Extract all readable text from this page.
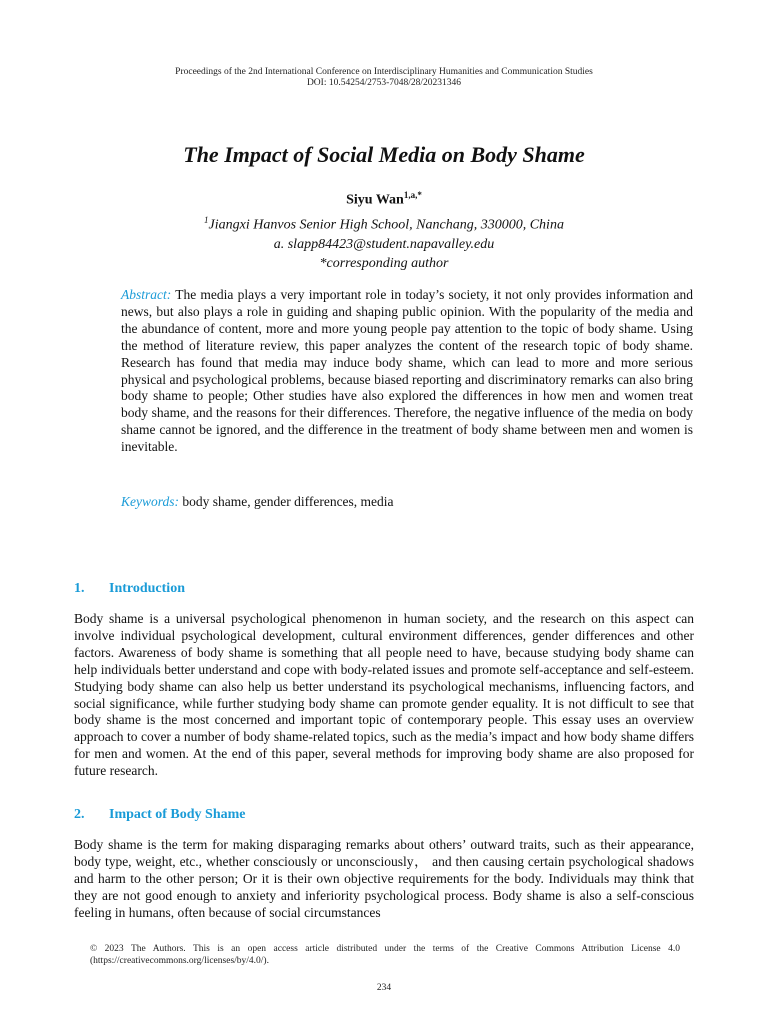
Proceedings of the 2nd International Conference on Interdisciplinary Humanities and Communication Studies
DOI: 10.54254/2753-7048/28/20231346
The Impact of Social Media on Body Shame
Siyu Wan$^{1,a,*}$
$^1$Jiangxi Hanvos Senior High School, Nanchang, 330000, China
a. slapp84423@student.napavalley.edu
*corresponding author
Abstract: The media plays a very important role in today’s society, it not only provides information and news, but also plays a role in guiding and shaping public opinion. With the popularity of the media and the abundance of content, more and more young people pay attention to the topic of body shame. Using the method of literature review, this paper analyzes the content of the research topic of body shame. Research has found that media may induce body shame, which can lead to more and more serious physical and psychological problems, because biased reporting and discriminatory remarks can also bring body shame to people; Other studies have also explored the differences in how men and women treat body shame, and the reasons for their differences. Therefore, the negative influence of the media on body shame cannot be ignored, and the difference in the treatment of body shame between men and women is inevitable.
Keywords: body shame, gender differences, media
1. Introduction
Body shame is a universal psychological phenomenon in human society, and the research on this aspect can involve individual psychological development, cultural environment differences, gender differences and other factors. Awareness of body shame is something that all people need to have, because studying body shame can help individuals better understand and cope with body-related issues and promote self-acceptance and self-esteem. Studying body shame can also help us better understand its psychological mechanisms, influencing factors, and social significance, while further studying body shame can promote gender equality. It is not difficult to see that body shame is the most concerned and important topic of contemporary people. This essay uses an overview approach to cover a number of body shame-related topics, such as the media’s impact and how body shame differs for men and women. At the end of this paper, several methods for improving body shame are also proposed for future research.
2. Impact of Body Shame
Body shame is the term for making disparaging remarks about others’ outward traits, such as their appearance, body type, weight, etc., whether consciously or unconsciously， and then causing certain psychological shadows and harm to the other person; Or it is their own objective requirements for the body. Individuals may think that they are not good enough to anxiety and inferiority psychological process. Body shame is also a self-conscious feeling in humans, often because of social circumstances
© 2023 The Authors. This is an open access article distributed under the terms of the Creative Commons Attribution License 4.0 (https://creativecommons.org/licenses/by/4.0/).
234
